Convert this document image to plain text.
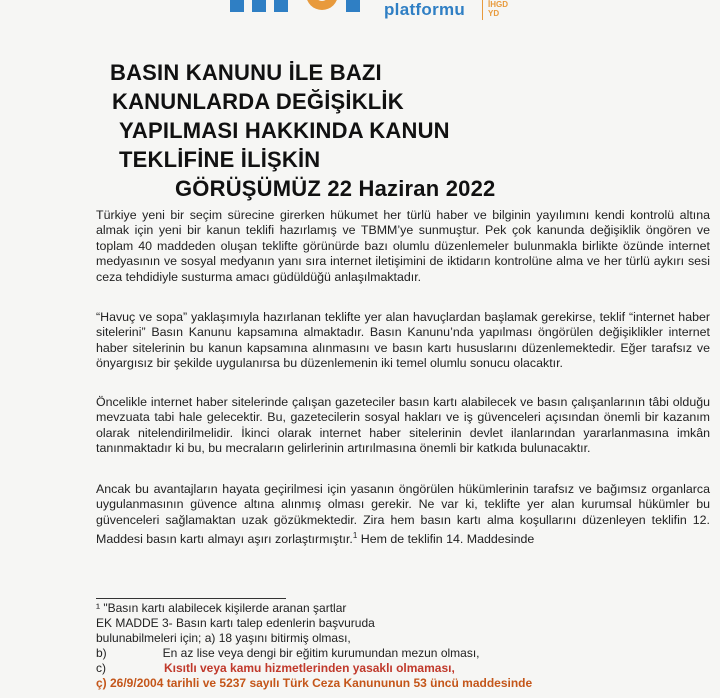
platformu	İHGD
YD
BASIN KANUNU İLE BAZI
KANUNLARDA DEĞİŞİKLİK
YAPILMASI HAKKINDA KANUN
TEKLİFİNE İLİŞKİN
GÖRÜŞÜMÜZ 22 Haziran 2022

Türkiye yeni bir seçim sürecine girerken hükumet her türlü haber ve bilginin yayılımını kendi kontrolü altına almak için yeni bir kanun teklifi hazırlamış ve TBMM’ye sunmuştur. Pek çok kanunda değişiklik öngören ve toplam 40 maddeden oluşan teklifte görünürde bazı olumlu düzenlemeler bulunmakla birlikte özünde internet medyasının ve sosyal medyanın yanı sıra internet iletişimini de iktidarın kontrolüne alma ve her türlü aykırı sesi ceza tehdidiyle susturma amacı güdüldüğü anlaşılmaktadır.

“Havuç ve sopa” yaklaşımıyla hazırlanan teklifte yer alan havuçlardan başlamak gerekirse, teklif “internet haber sitelerini” Basın Kanunu kapsamına almaktadır. Basın Kanunu’nda yapılması öngörülen değişiklikler internet haber sitelerinin bu kanun kapsamına alınmasını ve basın kartı hususlarını düzenlemektedir. Eğer tarafsız ve önyargısız bir şekilde uygulanırsa bu düzenlemenin iki temel olumlu sonucu olacaktır.

Öncelikle internet haber sitelerinde çalışan gazeteciler basın kartı alabilecek ve basın çalışanlarının tâbi olduğu mevzuata tabi hale gelecektir. Bu, gazetecilerin sosyal hakları ve iş güvenceleri açısından önemli bir kazanım olarak nitelendirilmelidir. İkinci olarak internet haber sitelerinin devlet ilanlarından yararlanmasına imkân tanınmaktadır ki bu, bu mecraların gelirlerinin artırılmasına önemli bir katkıda bulunacaktır.

Ancak bu avantajların hayata geçirilmesi için yasanın öngörülen hükümlerinin tarafsız ve bağımsız organlarca uygulanmasının güvence altına alınmış olması gerekir. Ne var ki, teklifte yer alan kurumsal hükümler bu güvenceleri sağlamaktan uzak gözükmektedir. Zira hem basın kartı alma koşullarını düzenleyen teklifin 12. Maddesi basın kartı almayı aşırı zorlaştırmıştır.$^1$ Hem de teklifin 14. Maddesinde

¹ "Basın kartı alabilecek kişilerde aranan şartlar
EK MADDE 3- Basın kartı talep edenlerin başvuruda
bulunabilmeleri için; a) 18 yaşını bitirmiş olması,
b)	En az lise veya dengi bir eğitim kurumundan mezun olması,
c)	Kısıtlı veya kamu hizmetlerinden yasaklı olmaması,
ç) 26/9/2004 tarihli ve 5237 sayılı Türk Ceza Kanununun 53 üncü maddesinde
